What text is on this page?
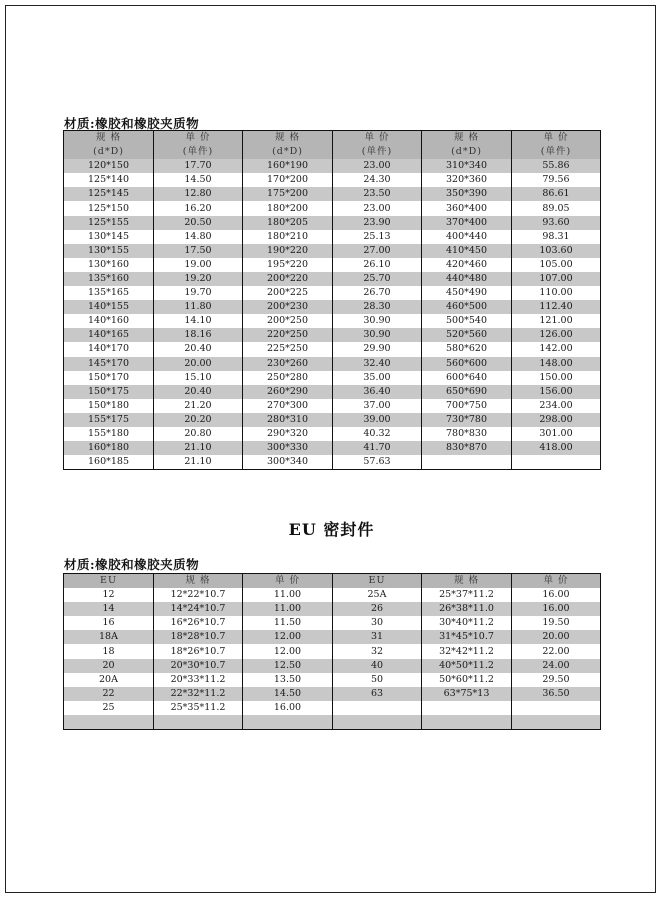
材质:橡胶和橡胶夹质物
规 格	单 价	规 格	单 价	规 格	单 价
(d*D)	(单件)	(d*D)	(单件)	(d*D)	(单件)
120*150	17.70	160*190	23.00	310*340	55.86
125*140	14.50	170*200	24.30	320*360	79.56
125*145	12.80	175*200	23.50	350*390	86.61
125*150	16.20	180*200	23.00	360*400	89.05
125*155	20.50	180*205	23.90	370*400	93.60
130*145	14.80	180*210	25.13	400*440	98.31
130*155	17.50	190*220	27.00	410*450	103.60
130*160	19.00	195*220	26.10	420*460	105.00
135*160	19.20	200*220	25.70	440*480	107.00
135*165	19.70	200*225	26.70	450*490	110.00
140*155	11.80	200*230	28.30	460*500	112.40
140*160	14.10	200*250	30.90	500*540	121.00
140*165	18.16	220*250	30.90	520*560	126.00
140*170	20.40	225*250	29.90	580*620	142.00
145*170	20.00	230*260	32.40	560*600	148.00
150*170	15.10	250*280	35.00	600*640	150.00
150*175	20.40	260*290	36.40	650*690	156.00
150*180	21.20	270*300	37.00	700*750	234.00
155*175	20.20	280*310	39.00	730*780	298.00
155*180	20.80	290*320	40.32	780*830	301.00
160*180	21.10	300*330	41.70	830*870	418.00
160*185	21.10	300*340	57.63		
EU 密封件
材质:橡胶和橡胶夹质物
EU	规 格	单 价	EU	规 格	单 价
12	12*22*10.7	11.00	25A	25*37*11.2	16.00
14	14*24*10.7	11.00	26	26*38*11.0	16.00
16	16*26*10.7	11.50	30	30*40*11.2	19.50
18A	18*28*10.7	12.00	31	31*45*10.7	20.00
18	18*26*10.7	12.00	32	32*42*11.2	22.00
20	20*30*10.7	12.50	40	40*50*11.2	24.00
20A	20*33*11.2	13.50	50	50*60*11.2	29.50
22	22*32*11.2	14.50	63	63*75*13	36.50
25	25*35*11.2	16.00			
